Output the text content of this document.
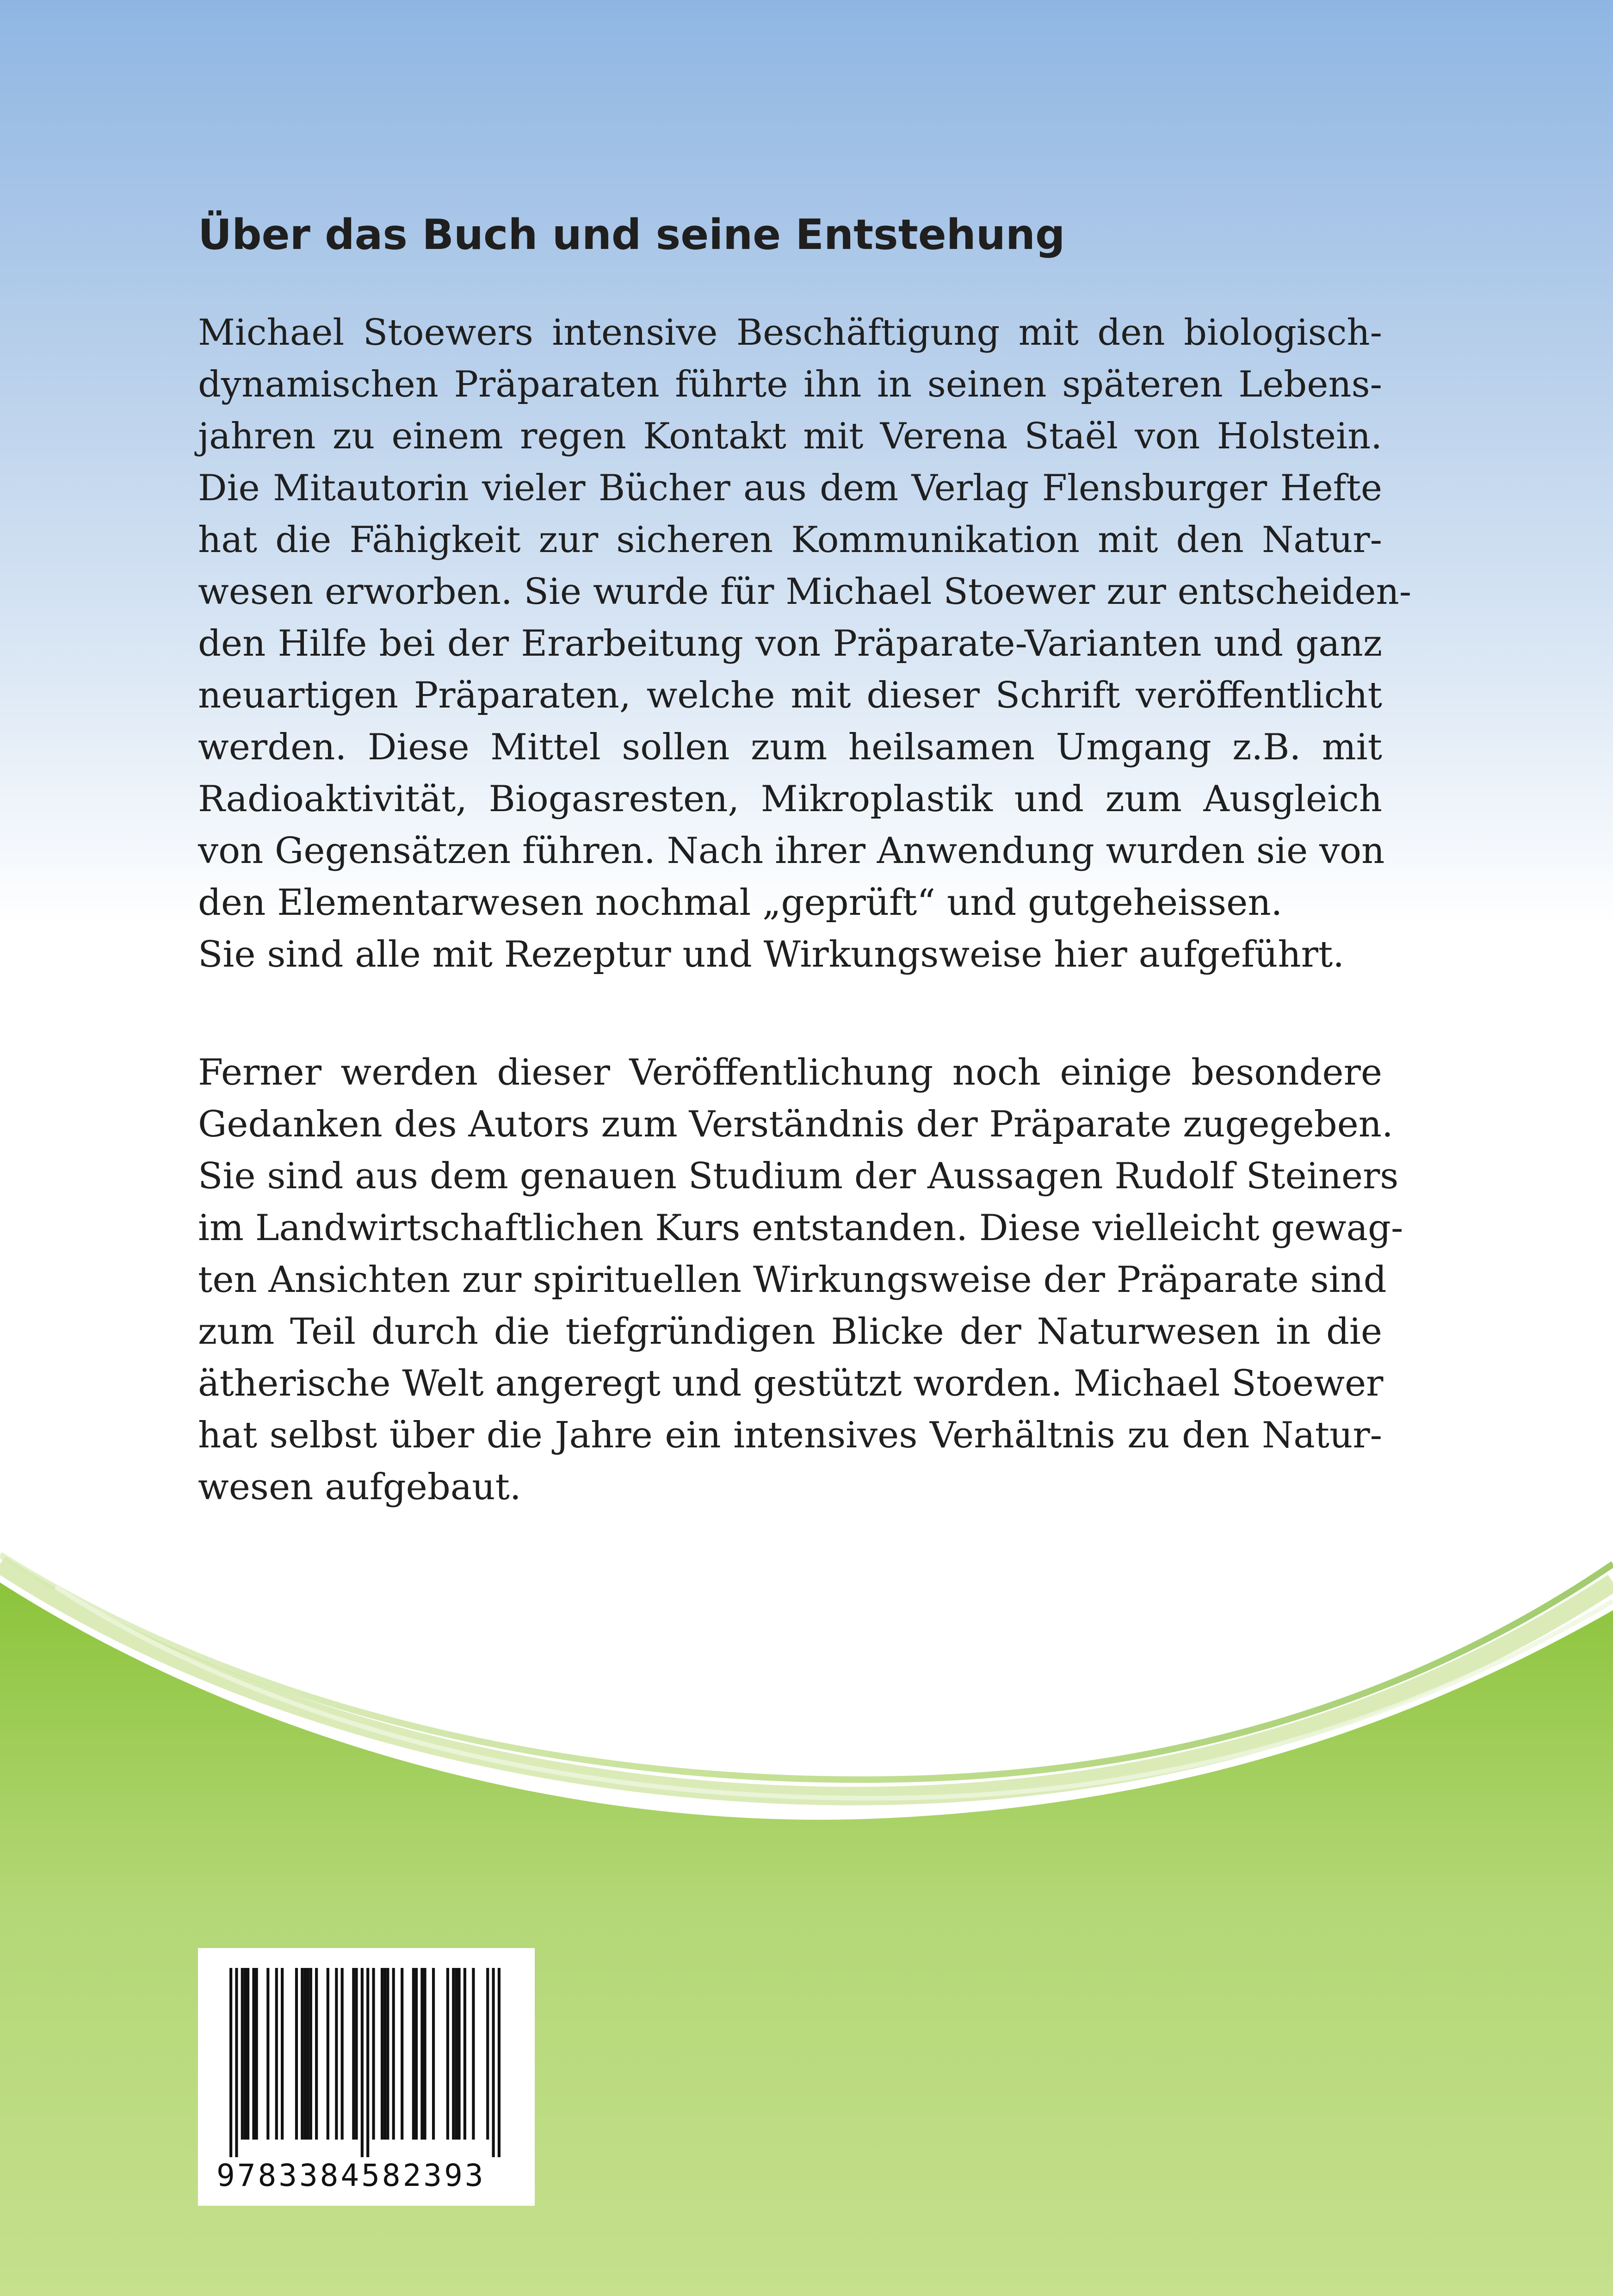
Über das Buch und seine Entstehung
Michael Stoewers intensive Beschäftigung mit den biologisch-
dynamischen Präparaten führte ihn in seinen späteren Lebens-
jahren zu einem regen Kontakt mit Verena Staël von Holstein.
Die Mitautorin vieler Bücher aus dem Verlag Flensburger Hefte
hat die Fähigkeit zur sicheren Kommunikation mit den Natur-
wesen erworben. Sie wurde für Michael Stoewer zur entscheiden-
den Hilfe bei der Erarbeitung von Präparate-Varianten und ganz
neuartigen Präparaten, welche mit dieser Schrift veröffentlicht
werden. Diese Mittel sollen zum heilsamen Umgang z.B. mit
Radioaktivität, Biogasresten, Mikroplastik und zum Ausgleich
von Gegensätzen führen. Nach ihrer Anwendung wurden sie von
den Elementarwesen nochmal „geprüft“ und gutgeheissen.
Sie sind alle mit Rezeptur und Wirkungsweise hier aufgeführt.
Ferner werden dieser Veröffentlichung noch einige besondere
Gedanken des Autors zum Verständnis der Präparate zugegeben.
Sie sind aus dem genauen Studium der Aussagen Rudolf Steiners
im Landwirtschaftlichen Kurs entstanden. Diese vielleicht gewag-
ten Ansichten zur spirituellen Wirkungsweise der Präparate sind
zum Teil durch die tiefgründigen Blicke der Naturwesen in die
ätherische Welt angeregt und gestützt worden. Michael Stoewer
hat selbst über die Jahre ein intensives Verhältnis zu den Natur-
wesen aufgebaut.
9783384582393
